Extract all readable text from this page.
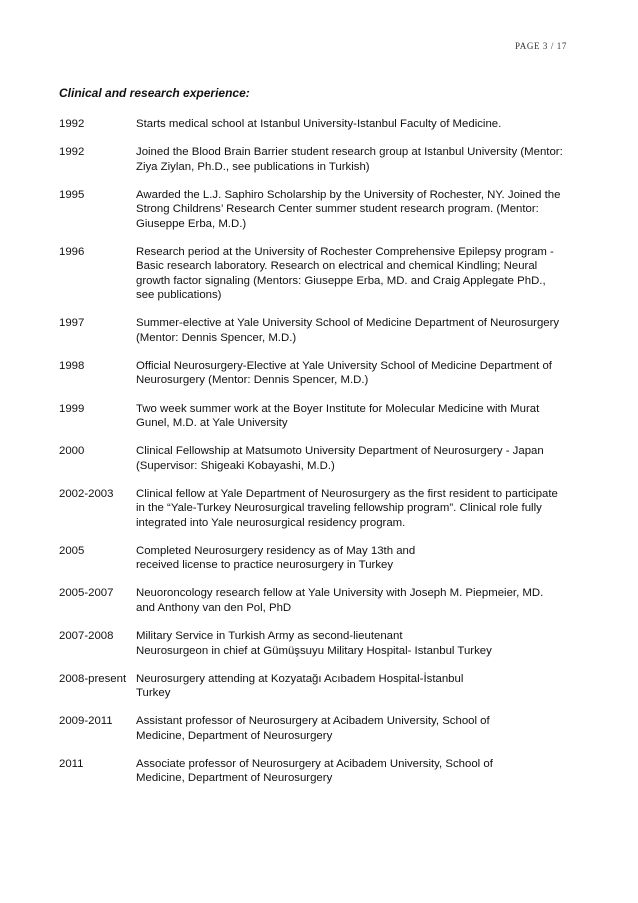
PAGE 3 / 17
Clinical and research experience:
1992	Starts medical school at Istanbul University-Istanbul Faculty of Medicine.
1992	Joined the Blood Brain Barrier student research group at Istanbul University (Mentor:
Ziya Ziylan, Ph.D., see publications in Turkish)
1995	Awarded the L.J. Saphiro Scholarship by the University of Rochester, NY. Joined the
Strong Childrens’ Research Center summer student research program. (Mentor:
Giuseppe Erba, M.D.)
1996	Research period at the University of Rochester Comprehensive Epilepsy program -
Basic research laboratory. Research on electrical and chemical Kindling; Neural
growth factor signaling (Mentors: Giuseppe Erba, MD. and Craig Applegate PhD.,
see publications)
1997	Summer-elective at Yale University School of Medicine Department of Neurosurgery
(Mentor: Dennis Spencer, M.D.)
1998	Official Neurosurgery-Elective at Yale University School of Medicine Department of
Neurosurgery (Mentor: Dennis Spencer, M.D.)
1999	Two week summer work at the Boyer Institute for Molecular Medicine with Murat
Gunel, M.D. at Yale University
2000	Clinical Fellowship at Matsumoto University Department of Neurosurgery - Japan
(Supervisor: Shigeaki Kobayashi, M.D.)
2002-2003	Clinical fellow at Yale Department of Neurosurgery as the first resident to participate
in the “Yale-Turkey Neurosurgical traveling fellowship program”. Clinical role fully
integrated into Yale neurosurgical residency program.
2005	Completed Neurosurgery residency as of May 13th and
received license to practice neurosurgery in Turkey
2005-2007	Neuoroncology research fellow at Yale University with Joseph M. Piepmeier, MD.
and Anthony van den Pol, PhD
2007-2008	Military Service in Turkish Army as second-lieutenant
Neurosurgeon in chief at Gümüşsuyu Military Hospital- Istanbul Turkey
2008-present Neurosurgery attending at Kozyatağı Acıbadem Hospital-İstanbul
Turkey
2009-2011	Assistant professor of Neurosurgery at Acibadem University, School of
Medicine, Department of Neurosurgery
2011	Associate professor of Neurosurgery at Acibadem University, School of
Medicine, Department of Neurosurgery
